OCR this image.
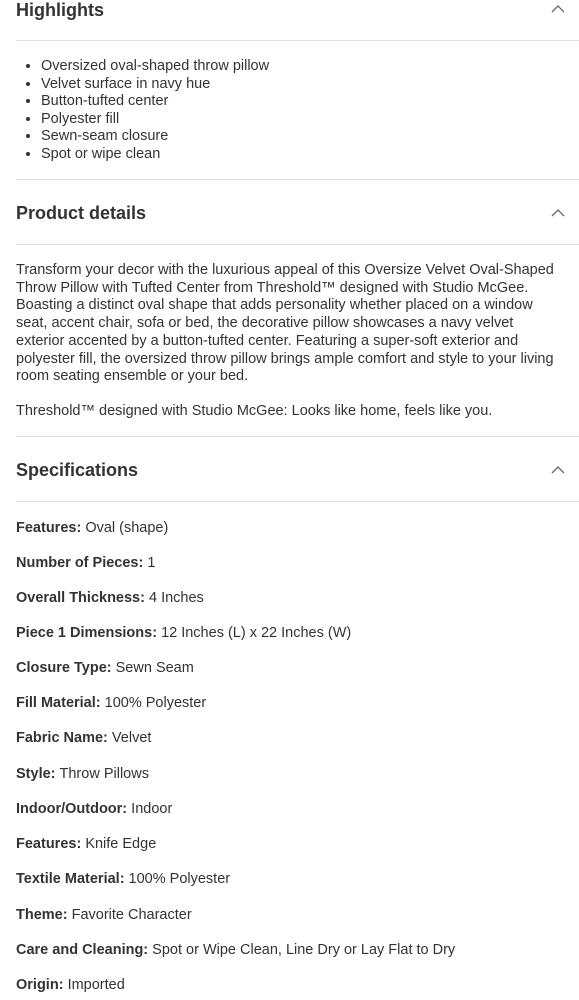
Highlights
• Oversized oval-shaped throw pillow
• Velvet surface in navy hue
• Button-tufted center
• Polyester fill
• Sewn-seam closure
• Spot or wipe clean
Product details

Transform your decor with the luxurious appeal of this Oversize Velvet Oval-Shaped Throw Pillow with Tufted Center from Threshold™ designed with Studio McGee. Boasting a distinct oval shape that adds personality whether placed on a window seat, accent chair, sofa or bed, the decorative pillow showcases a navy velvet exterior accented by a button-tufted center. Featuring a super-soft exterior and polyester fill, the oversized throw pillow brings ample comfort and style to your living room seating ensemble or your bed.

Threshold™ designed with Studio McGee: Looks like home, feels like you.

Specifications
Features: Oval (shape)
Number of Pieces: 1
Overall Thickness: 4 Inches
Piece 1 Dimensions: 12 Inches (L) x 22 Inches (W)
Closure Type: Sewn Seam
Fill Material: 100% Polyester
Fabric Name: Velvet
Style: Throw Pillows
Indoor/Outdoor: Indoor
Features: Knife Edge
Textile Material: 100% Polyester
Theme: Favorite Character
Care and Cleaning: Spot or Wipe Clean, Line Dry or Lay Flat to Dry
Origin: Imported
